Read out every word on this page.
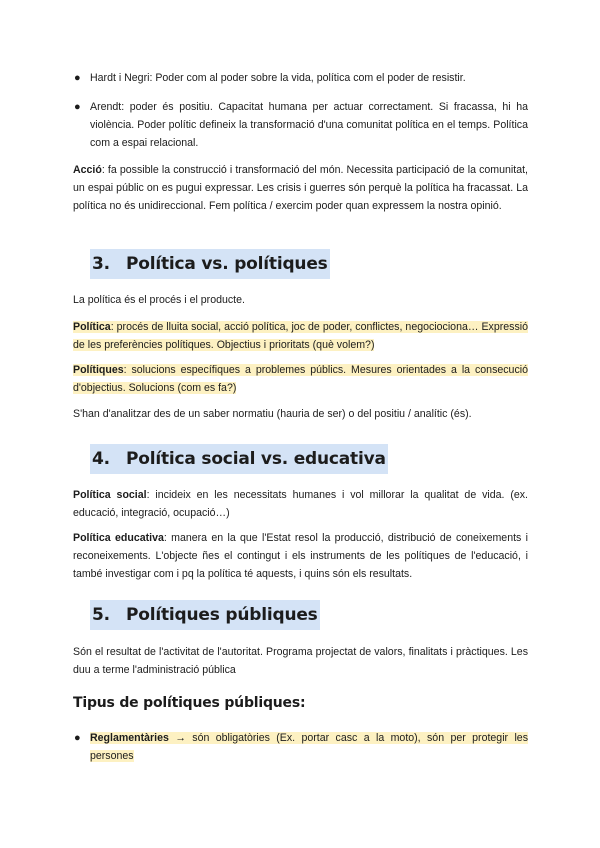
● Hardt i Negri: Poder com al poder sobre la vida, política com el poder de resistir.
● Arendt: poder és positiu. Capacitat humana per actuar correctament. Si fracassa, hi ha violència. Poder polític defineix la transformació d'una comunitat política en el temps. Política com a espai relacional.

Acció: fa possible la construcció i transformació del món. Necessita participació de la comunitat, un espai públic on es pugui expressar. Les crisis i guerres són perquè la política ha fracassat. La política no és unidireccional. Fem política / exercim poder quan expressem la nostra opinió.

3. Política vs. polítiques

La política és el procés i el producte.

Política: procés de lluita social, acció política, joc de poder, conflictes, negociociona… Expressió de les preferències polítiques. Objectius i prioritats (què volem?)

Polítiques: solucions específiques a problemes públics. Mesures orientades a la consecució d'objectius. Solucions (com es fa?)

S'han d'analitzar des de un saber normatiu (hauria de ser) o del positiu / analític (és).

4. Política social vs. educativa

Política social: incideix en les necessitats humanes i vol millorar la qualitat de vida. (ex. educació, integració, ocupació…)

Política educativa: manera en la que l'Estat resol la producció, distribució de coneixements i reconeixements. L'objecte ñes el contingut i els instruments de les polítiques de l'educació, i també investigar com i pq la política té aquests, i quins són els resultats.

5. Polítiques públiques

Són el resultat de l'activitat de l'autoritat. Programa projectat de valors, finalitats i pràctiques. Les duu a terme l'administració pública

Tipus de polítiques públiques:

● Reglamentàries → són obligatòries (Ex. portar casc a la moto), són per protegir les persones
